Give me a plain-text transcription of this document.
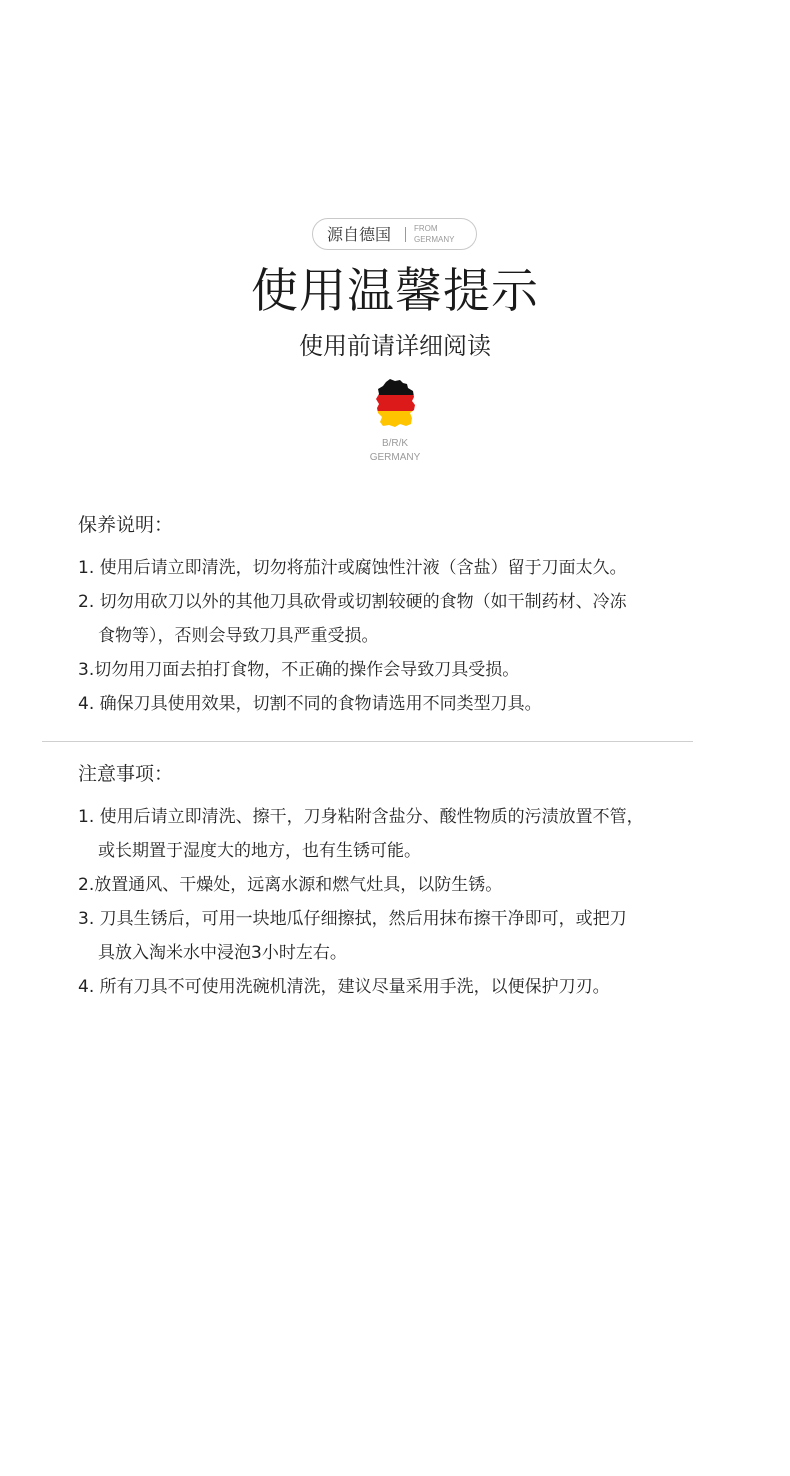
源自德国	FROM
GERMANY
使用温馨提示
使用前请详细阅读
B/R/K
GERMANY
保养说明：
1. 使用后请立即清洗，切勿将茄汁或腐蚀性汁液（含盐）留于刀面太久。
2. 切勿用砍刀以外的其他刀具砍骨或切割较硬的食物（如干制药材、冷冻
食物等），否则会导致刀具严重受损。
3.切勿用刀面去拍打食物，不正确的操作会导致刀具受损。
4. 确保刀具使用效果，切割不同的食物请选用不同类型刀具。
注意事项：
1. 使用后请立即清洗、擦干，刀身粘附含盐分、酸性物质的污渍放置不管，
或长期置于湿度大的地方，也有生锈可能。
2.放置通风、干燥处，远离水源和燃气灶具，以防生锈。
3. 刀具生锈后，可用一块地瓜仔细擦拭，然后用抹布擦干净即可，或把刀
具放入淘米水中浸泡3小时左右。
4. 所有刀具不可使用洗碗机清洗，建议尽量采用手洗，以便保护刀刃。
